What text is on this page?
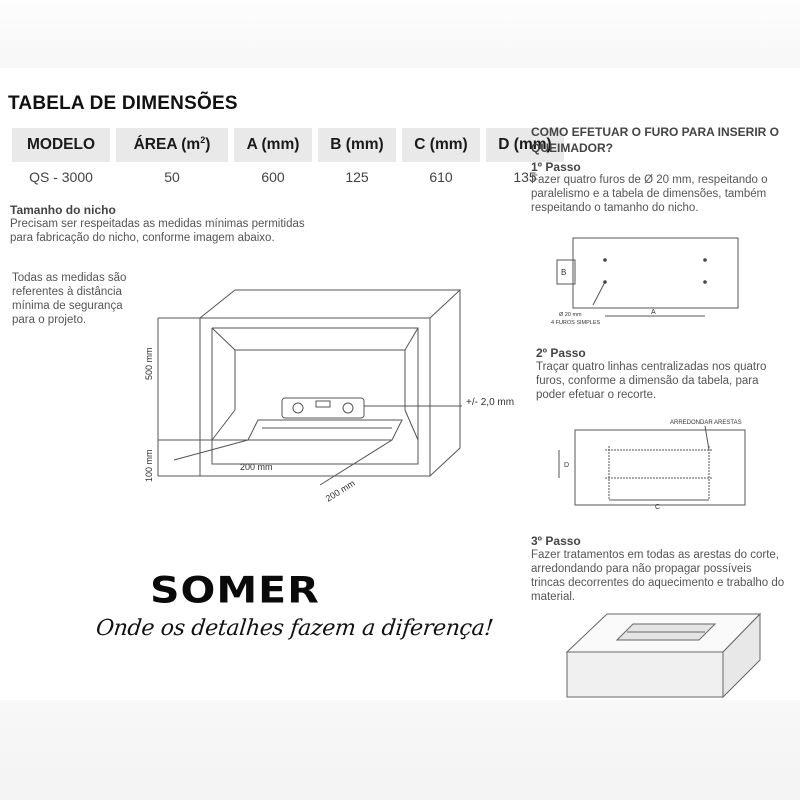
TABELA DE DIMENSÕES
MODELO	ÁREA $(m^2)$	A (mm)	B (mm)	C (mm)	D (mm)
QS - 3000	50	600	125	610	135
Tamanho do nicho
Precisam ser respeitadas as medidas mínimas permitidas para fabricação do nicho, conforme imagem abaixo.
Todas as medidas são referentes à distância mínima de segurança para o projeto.
500 mm
100 mm	200 mm
200 mm
+/- 2,0 mm
COMO EFETUAR O FURO PARA INSERIR O QUEIMADOR?
1º Passo
Fazer quatro furos de Ø 20 mm, respeitando o paralelismo e a tabela de dimensões, também respeitando o tamanho do nicho.
B
A
Ø 20 mm
4 FUROS SIMPLES
2º Passo
Traçar quatro linhas centralizadas nos quatro furos, conforme a dimensão da tabela, para poder efetuar o recorte.
ARREDONDAR ARESTAS
D
C
3º Passo
Fazer tratamentos em todas as arestas do corte, arredondando para não propagar possíveis trincas decorrentes do aquecimento e trabalho do material.
SOMER
Onde os detalhes fazem a diferença!
